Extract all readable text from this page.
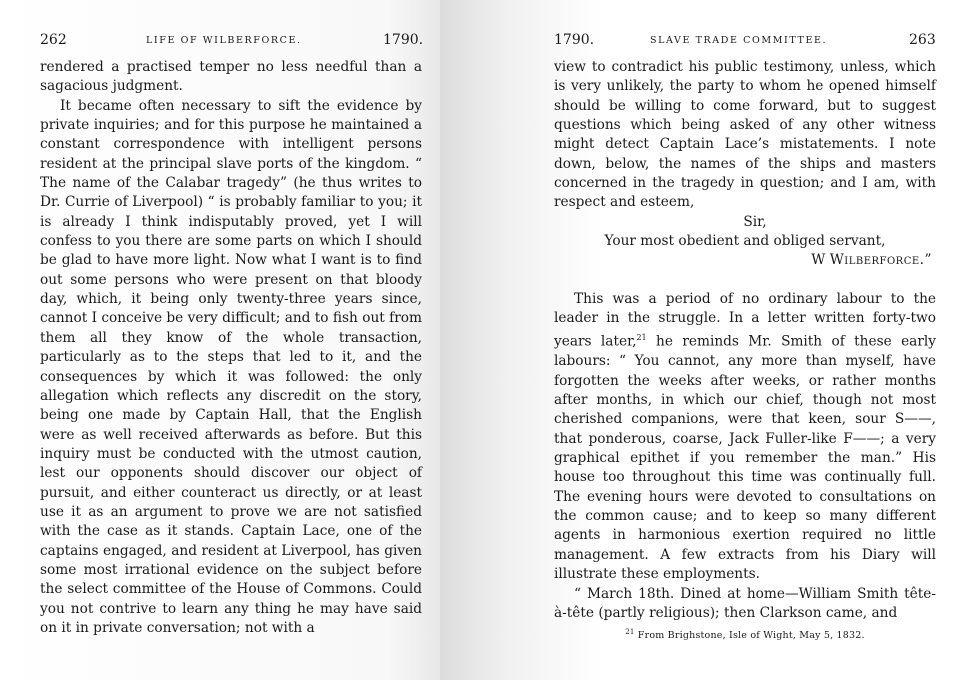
262	LIFE OF WILBERFORCE.	1790.

rendered a practised temper no less needful than a sagacious judgment.

It became often necessary to sift the evidence by private inquiries; and for this purpose he maintained a constant correspondence with intelligent persons resident at the principal slave ports of the kingdom. “ The name of the Calabar tragedy” (he thus writes to Dr. Currie of Liverpool) “ is probably familiar to you; it is already I think indisputably proved, yet I will confess to you there are some parts on which I should be glad to have more light. Now what I want is to find out some persons who were present on that bloody day, which, it being only twenty-three years since, cannot I conceive be very difficult; and to fish out from them all they know of the whole transaction, particularly as to the steps that led to it, and the consequences by which it was followed: the only allegation which reflects any discredit on the story, being one made by Captain Hall, that the English were as well received afterwards as before. But this inquiry must be conducted with the utmost caution, lest our opponents should discover our object of pursuit, and either counteract us directly, or at least use it as an argument to prove we are not satisfied with the case as it stands. Captain Lace, one of the captains engaged, and resident at Liverpool, has given some most irrational evidence on the subject before the select committee of the House of Commons. Could you not contrive to learn any thing he may have said on it in private conversation; not with a

1790.	SLAVE TRADE COMMITTEE.	263

view to contradict his public testimony, unless, which is very unlikely, the party to whom he opened himself should be willing to come forward, but to suggest questions which being asked of any other witness might detect Captain Lace’s mistatements. I note down, below, the names of the ships and masters concerned in the tragedy in question; and I am, with respect and esteem,

Sir,

Your most obedient and obliged servant,

W Wilberforce.”

This was a period of no ordinary labour to the leader in the struggle. In a letter written forty-two years later,$^{21}$ he reminds Mr. Smith of these early labours: “ You cannot, any more than myself, have forgotten the weeks after weeks, or rather months after months, in which our chief, though not most cherished companions, were that keen, sour S——, that ponderous, coarse, Jack Fuller-like F——; a very graphical epithet if you remember the man.” His house too throughout this time was continually full. The evening hours were devoted to consultations on the common cause; and to keep so many different agents in harmonious exertion required no little management. A few extracts from his Diary will illustrate these employments.

“ March 18th. Dined at home—William Smith tête-à-tête (partly religious); then Clarkson came, and

$^{21}$ From Brighstone, Isle of Wight, May 5, 1832.
